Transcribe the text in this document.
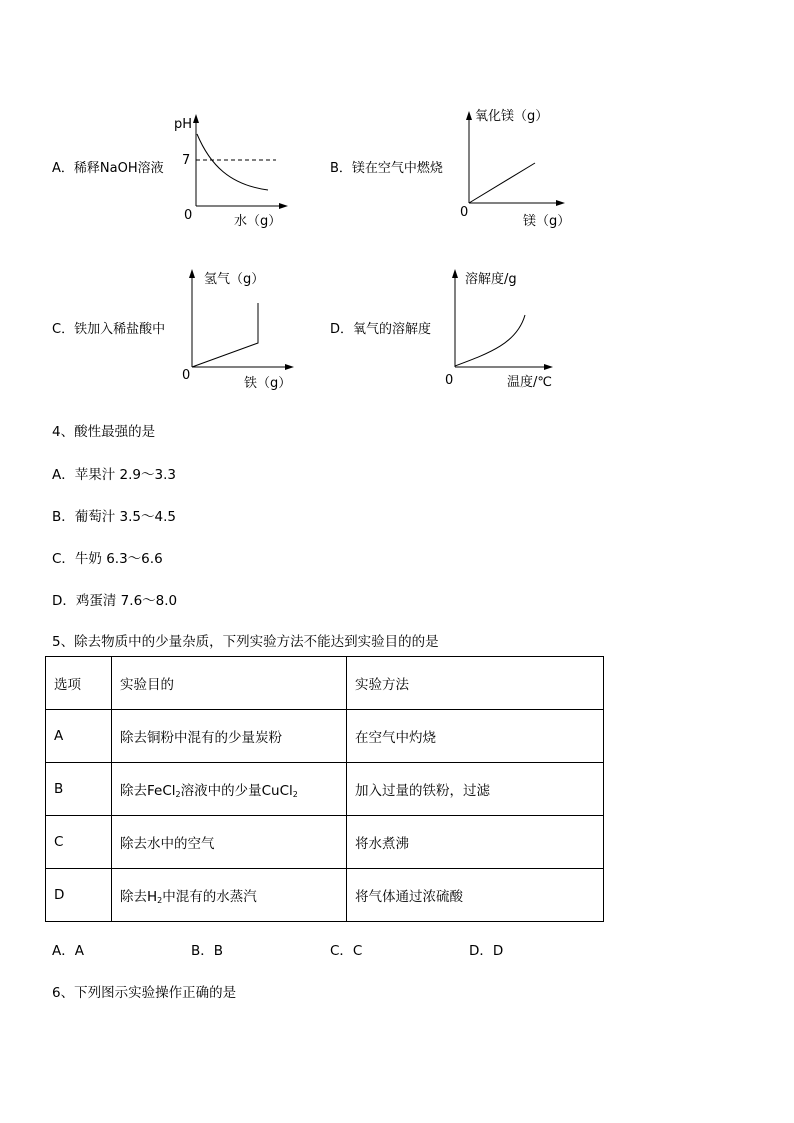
A．稀释NaOH溶液
pH
7
0	水（g）
B．镁在空气中燃烧
氧化镁（g）
0
镁（g）
C．铁加入稀盐酸中
氢气（g）
0
铁（g）
D．氧气的溶解度
溶解度/g
0	温度/℃
4、酸性最强的是
A．苹果汁 2.9～3.3
B．葡萄汁 3.5～4.5
C．牛奶 6.3～6.6
D．鸡蛋清 7.6～8.0
5、除去物质中的少量杂质，下列实验方法不能达到实验目的的是
选项	实验目的	实验方法
A	除去铜粉中混有的少量炭粉	在空气中灼烧
B	除去FeCl$_2$溶液中的少量CuCl$_2$	加入过量的铁粉，过滤
C	除去水中的空气	将水煮沸
D	除去$H_2$中混有的水蒸汽	将气体通过浓硫酸
A．A	B．B	C．C	D．D
6、下列图示实验操作正确的是
